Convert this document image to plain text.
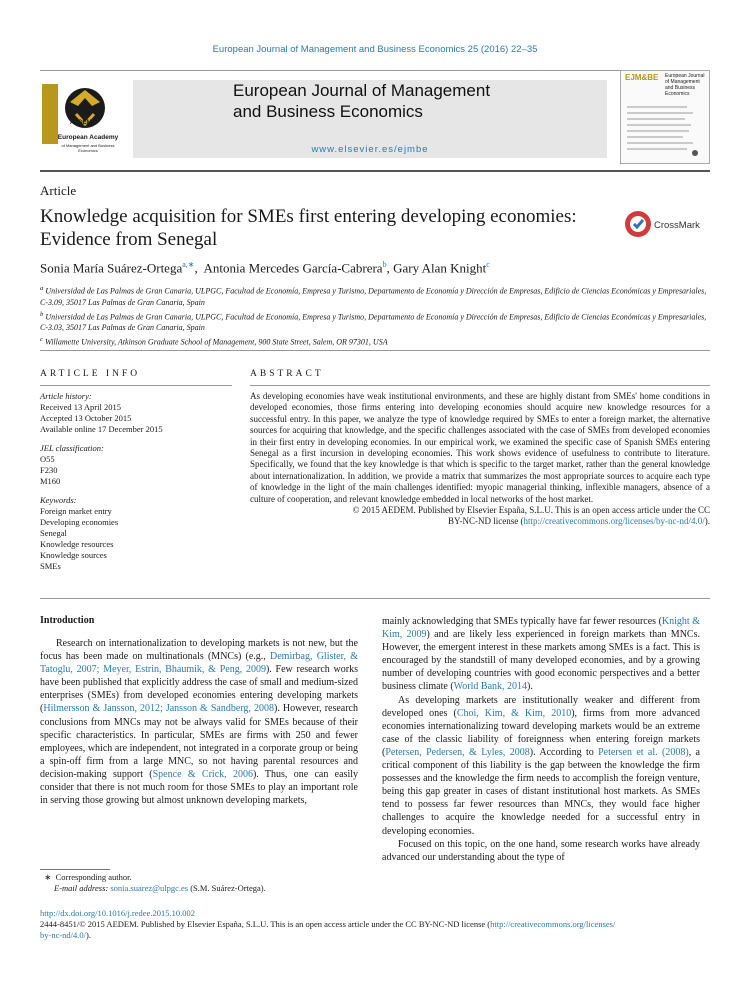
European Journal of Management and Business Economics 25 (2016) 22–35
AEDEM
European Academy
of Management and Business Economics
European Journal of Management
and Business Economics
www.elsevier.es/ejmbe
EJM&BE European Journal of Management and Business Economics
Article
Knowledge acquisition for SMEs first entering developing economies:
Evidence from Senegal
CrossMark
Sonia María Suárez-Ortega$^{a,∗}$,  Antonia Mercedes García-Cabrera$^b$, Gary Alan Knight$^c$

$^a$ Universidad de Las Palmas de Gran Canaria, ULPGC, Facultad de Economía, Empresa y Turismo, Departamento de Economía y Dirección de Empresas, Edificio de Ciencias Económicas y Empresariales, C-3.09, 35017 Las Palmas de Gran Canaria, Spain

$^b$ Universidad de Las Palmas de Gran Canaria, ULPGC, Facultad de Economía, Empresa y Turismo, Departamento de Economía y Dirección de Empresas, Edificio de Ciencias Económicas y Empresariales, C-3.03, 35017 Las Palmas de Gran Canaria, Spain

$^c$ Willamette University, Atkinson Graduate School of Management, 900 State Street, Salem, OR 97301, USA

ARTICLE INFO	ABSTRACT
Article history:
Received 13 April 2015
Accepted 13 October 2015
Available online 17 December 2015
JEL classification:
O55
F230
M160
Keywords:
Foreign market entry
Developing economies
Senegal
Knowledge resources
Knowledge sources
SMEs
As developing economies have weak institutional environments, and these are highly distant from SMEs' home conditions in developed economies, those firms entering into developing economies should acquire new knowledge resources for a successful entry. In this paper, we analyze the type of knowledge required by SMEs to enter a foreign market, the alternative sources for acquiring that knowledge, and the specific challenges associated with the case of SMEs from developed economies in their first entry in developing economies. In our empirical work, we examined the specific case of Spanish SMEs entering Senegal as a first incursion in developing economies. This work shows evidence of usefulness to contribute to literature. Specifically, we found that the key knowledge is that which is specific to the target market, rather than the general knowledge about internationalization. In addition, we provide a matrix that summarizes the most appropriate sources to acquire each type of knowledge in the light of the main challenges identified: myopic managerial thinking, inflexible managers, absence of a culture of cooperation, and relevant knowledge embedded in local networks of the host market.
© 2015 AEDEM. Published by Elsevier España, S.L.U. This is an open access article under the CC
BY-NC-ND license (http://creativecommons.org/licenses/by-nc-nd/4.0/).
Introduction

Research on internationalization to developing markets is not new, but the focus has been made on multinationals (MNCs) (e.g., Demirbag, Glister, & Tatoglu, 2007; Meyer, Estrin, Bhaumik, & Peng, 2009). Few research works have been published that explicitly address the case of small and medium-sized enterprises (SMEs) from developed economies entering developing markets (Hilmersson & Jansson, 2012; Jansson & Sandberg, 2008). However, research conclusions from MNCs may not be always valid for SMEs because of their specific characteristics. In particular, SMEs are firms with 250 and fewer employees, which are independent, not integrated in a corporate group or being a spin-off firm from a large MNC, so not having parental resources and decision-making support (Spence & Crick, 2006). Thus, one can easily consider that there is not much room for those SMEs to play an important role in serving those growing but almost unknown developing markets,

mainly acknowledging that SMEs typically have far fewer resources (Knight & Kim, 2009) and are likely less experienced in foreign markets than MNCs. However, the emergent interest in these markets among SMEs is a fact. This is encouraged by the standstill of many developed economies, and by a growing number of developing countries with good economic perspectives and a better business climate (World Bank, 2014).

As developing markets are institutionally weaker and different from developed ones (Choi, Kim, & Kim, 2010), firms from more advanced economies internationalizing toward developing markets would be an extreme case of the classic liability of foreignness when entering foreign markets (Petersen, Pedersen, & Lyles, 2008). According to Petersen et al. (2008), a critical component of this liability is the gap between the knowledge the firm possesses and the knowledge the firm needs to accomplish the foreign venture, being this gap greater in cases of distant institutional host markets. As SMEs tend to possess far fewer resources than MNCs, they would face higher challenges to acquire the knowledge needed for a successful entry in developing economies.

Focused on this topic, on the one hand, some research works have already advanced our understanding about the type of

∗ Corresponding author.
E-mail address: sonia.suarez@ulpgc.es (S.M. Suárez-Ortega).
http://dx.doi.org/10.1016/j.redee.2015.10.002
2444-8451/© 2015 AEDEM. Published by Elsevier España, S.L.U. This is an open access article under the CC BY-NC-ND license (http://creativecommons.org/licenses/
by-nc-nd/4.0/).
